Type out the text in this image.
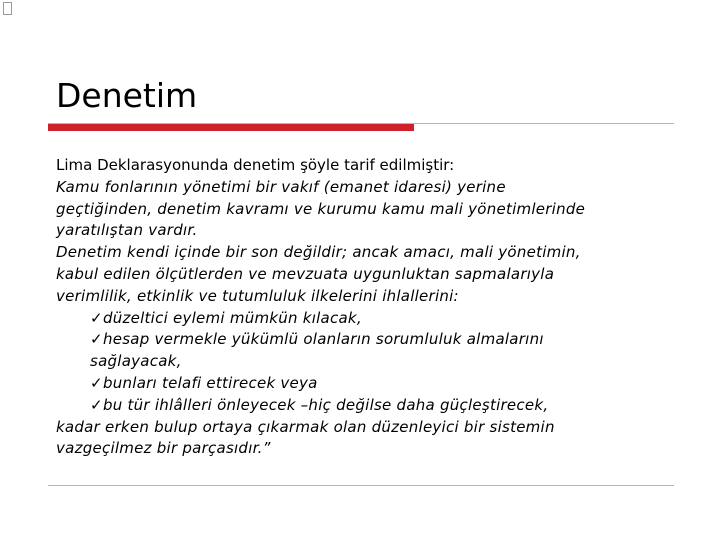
Denetim
Lima Deklarasyonunda denetim şöyle tarif edilmiştir:
Kamu fonlarının yönetimi bir vakıf (emanet idaresi) yerine
geçtiğinden, denetim kavramı ve kurumu kamu mali yönetimlerinde
yaratılıştan vardır.
Denetim kendi içinde bir son değildir; ancak amacı, mali yönetimin,
kabul edilen ölçütlerden ve mevzuata uygunluktan sapmalarıyla
verimlilik, etkinlik ve tutumluluk ilkelerini ihlallerini:
✓düzeltici eylemi mümkün kılacak,
✓hesap vermekle yükümlü olanların sorumluluk almalarını
sağlayacak,
✓bunları telafi ettirecek veya
✓bu tür ihlâlleri önleyecek –hiç değilse daha güçleştirecek,
kadar erken bulup ortaya çıkarmak olan düzenleyici bir sistemin
vazgeçilmez bir parçasıdır.”
